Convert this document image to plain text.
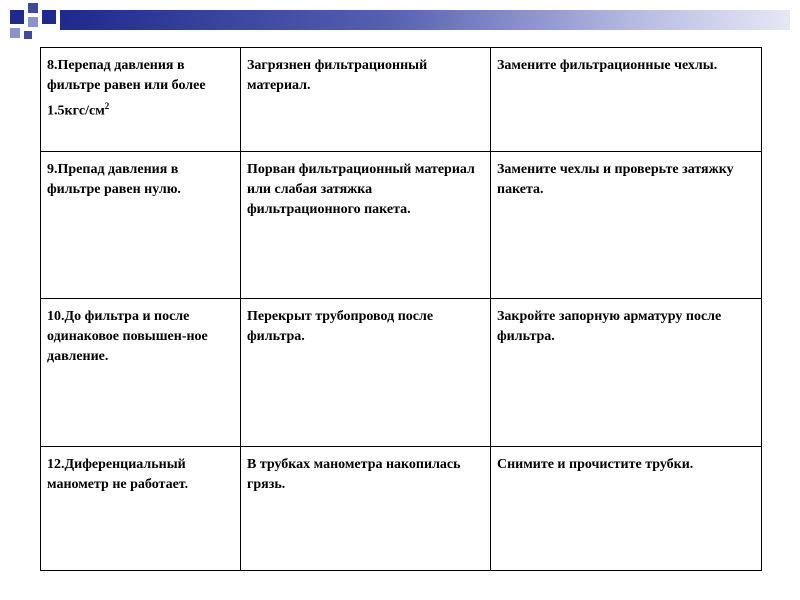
8.Перепад давления в фильтре равен или более $1.5кгс/см^2$	Загрязнен фильтрационный материал.	Замените фильтрационные чехлы.
9.Препад давления в фильтре равен нулю.	Порван фильтрационный материал или слабая затяжка фильтрационного пакета.	Замените чехлы и проверьте затяжку пакета.
10.До фильтра и после одинаковое повышен-ное давление.	Перекрыт трубопровод после фильтра.	Закройте запорную арматуру после фильтра.
12.Диференциальный манометр не работает.	В трубках манометра накопилась грязь.	Снимите и прочистите трубки.
